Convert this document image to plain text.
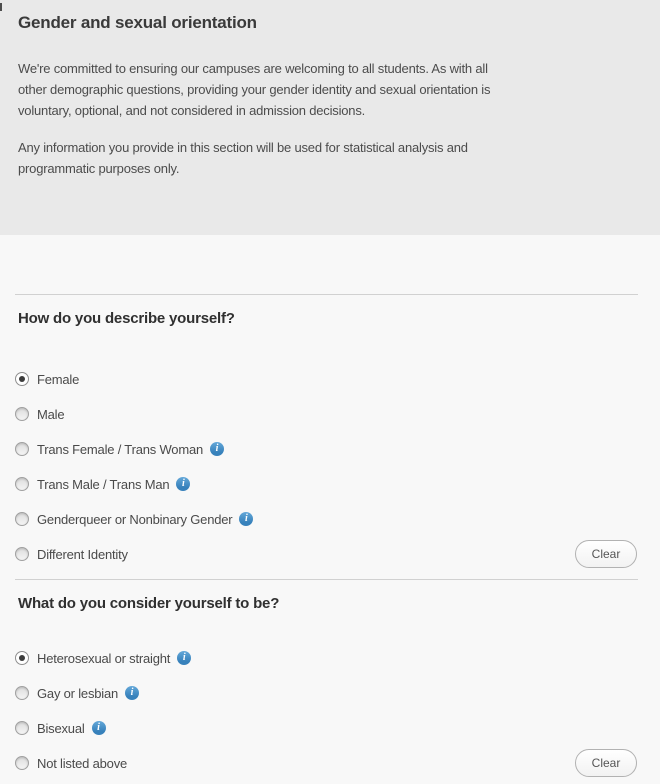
Gender and sexual orientation

We're committed to ensuring our campuses are welcoming to all students. As with all other demographic questions, providing your gender identity and sexual orientation is voluntary, optional, and not considered in admission decisions.

Any information you provide in this section will be used for statistical analysis and programmatic purposes only.

How do you describe yourself?
Female
Male
Trans Female / Trans Woman	i
Trans Male / Trans Man	i
Genderqueer or Nonbinary Gender	i
Different Identity	Clear
What do you consider yourself to be?
Heterosexual or straight	i
Gay or lesbian	i
Bisexual	i
Not listed above	Clear
